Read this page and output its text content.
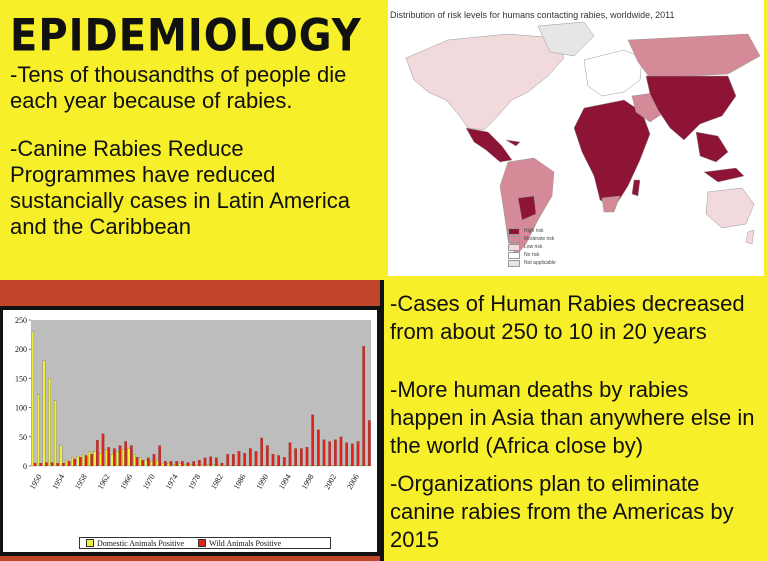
EPIDEMIOLOGY
-Tens of thousandths of people die each year because of rabies.
-Canine Rabies Reduce Programmes have reduced sustancially cases in Latin America and the Caribbean
Distribution of risk levels for humans contacting rabies, worldwide, 2011
High risk
Moderate risk
Low risk
No risk
Not applicable
0
50
100
150
200
250
1950 1954 1958 1962 1966 1970 1974 1978 1982 1986 1990 1994 1998 2002 2006
Domestic Animals Positive	Wild Animals Positive
-Cases of Human Rabies decreased from about 250 to 10 in 20 years
-More human deaths by rabies happen in Asia than anywhere else in the world (Africa close by)
-Organizations plan to eliminate canine rabies from the Americas by 2015
